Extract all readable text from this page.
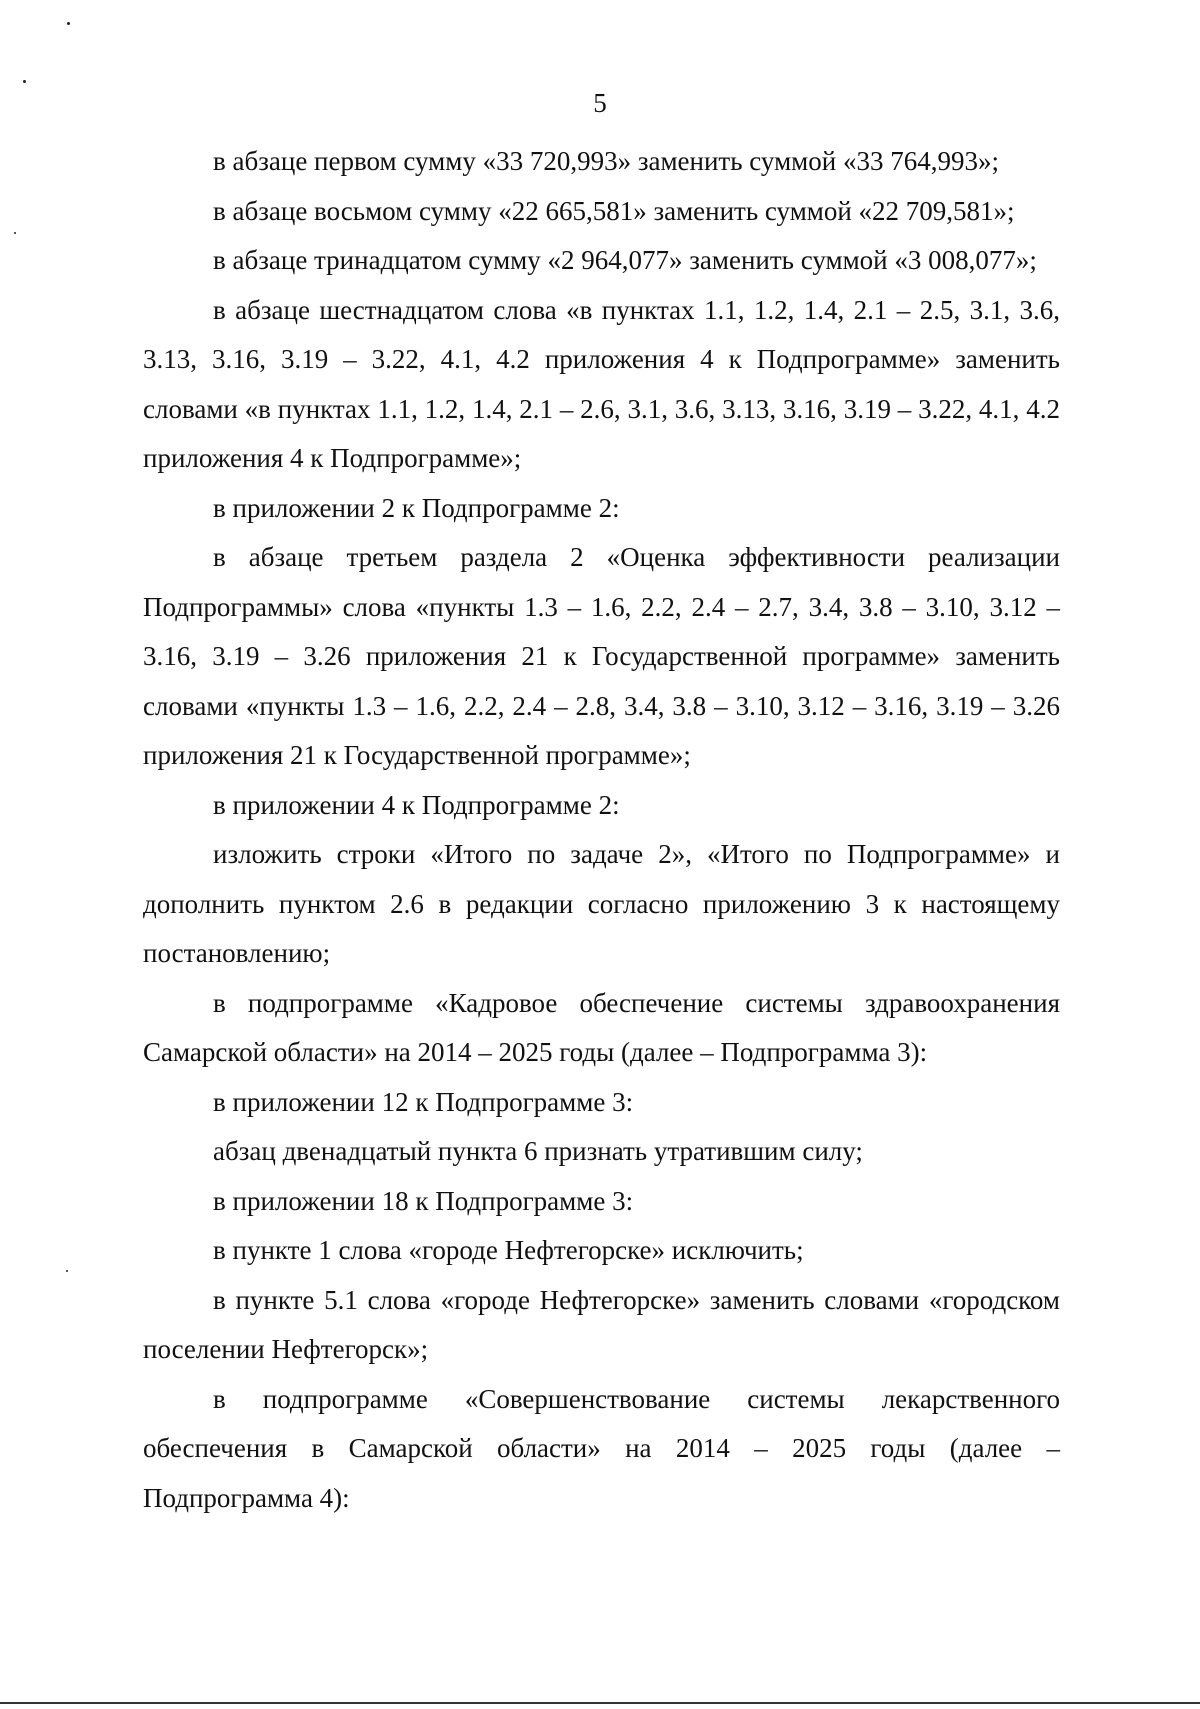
5

в абзаце первом сумму «33 720,993» заменить суммой «33 764,993»;

в абзаце восьмом сумму «22 665,581» заменить суммой «22 709,581»;

в абзаце тринадцатом сумму «2 964,077» заменить суммой «3 008,077»;

в абзаце шестнадцатом слова «в пунктах 1.1, 1.2, 1.4, 2.1 – 2.5, 3.1, 3.6, 3.13, 3.16, 3.19 – 3.22, 4.1, 4.2 приложения 4 к Подпрограмме» заменить словами «в пунктах 1.1, 1.2, 1.4, 2.1 – 2.6, 3.1, 3.6, 3.13, 3.16, 3.19 – 3.22, 4.1, 4.2 приложения 4 к Подпрограмме»;

в приложении 2 к Подпрограмме 2:

в абзаце третьем раздела 2 «Оценка эффективности реализации Подпрограммы» слова «пункты 1.3 – 1.6, 2.2, 2.4 – 2.7, 3.4, 3.8 – 3.10, 3.12 – 3.16, 3.19 – 3.26 приложения 21 к Государственной программе» заменить словами «пункты 1.3 – 1.6, 2.2, 2.4 – 2.8, 3.4, 3.8 – 3.10, 3.12 – 3.16, 3.19 – 3.26 приложения 21 к Государственной программе»;

в приложении 4 к Подпрограмме 2:

изложить строки «Итого по задаче 2», «Итого по Подпрограмме» и дополнить пунктом 2.6 в редакции согласно приложению 3 к настоящему постановлению;

в подпрограмме «Кадровое обеспечение системы здравоохранения Самарской области» на 2014 – 2025 годы (далее – Подпрограмма 3):

в приложении 12 к Подпрограмме 3:

абзац двенадцатый пункта 6 признать утратившим силу;

в приложении 18 к Подпрограмме 3:

в пункте 1 слова «городе Нефтегорске» исключить;

в пункте 5.1 слова «городе Нефтегорске» заменить словами «городском поселении Нефтегорск»;

в подпрограмме «Совершенствование системы лекарственного обеспечения в Самарской области» на 2014 – 2025 годы (далее – Подпрограмма 4):
